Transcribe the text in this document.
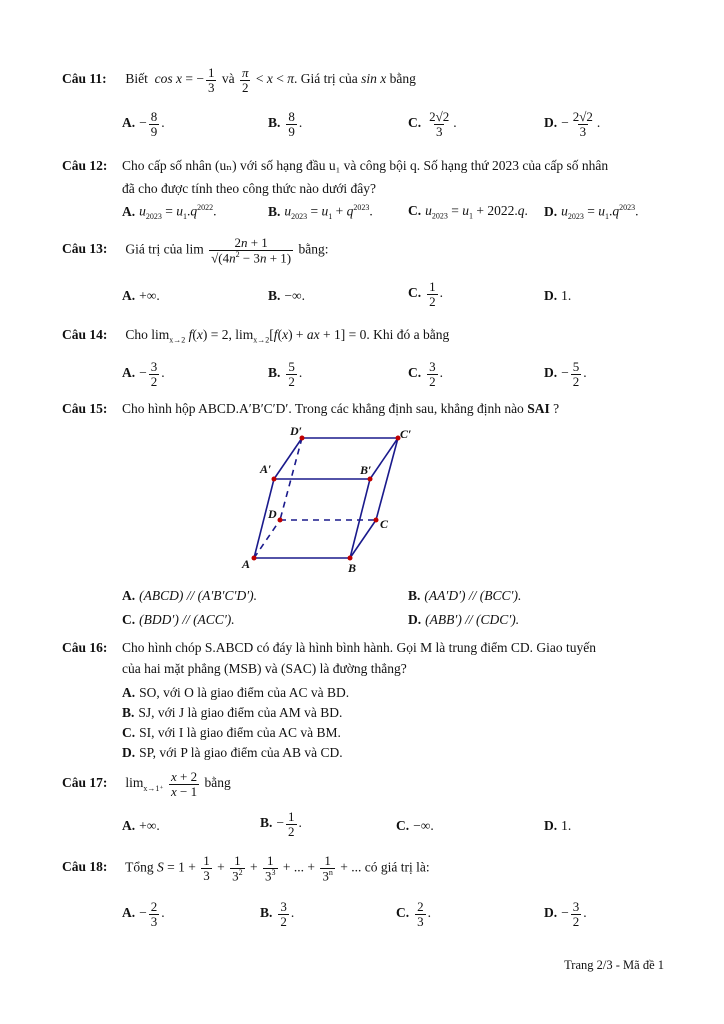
Câu 11: Biết  cos x = − $\frac{1}{3}$ và $\frac{\pi}{2} < x < \pi$. Giá trị của sin x bằng
A. − $\frac{8}{9}$ .	B. $\frac{8}{9}$ .	C. $\frac{2√2}{3}$ .	D. − $\frac{2√2}{3}$ .
Câu 12: Cho cấp số nhân (uₙ) với số hạng đầu u₁ và công bội q. Số hạng thứ 2023 của cấp số nhân
đã cho được tính theo công thức nào dưới đây?
A. $u_{2023} = u_1.q^{2022}$.	B. $u_{2023} = u_1 + q^{2023}$.	C. $u_{2023} = u_1 + 2022.q$. D. $u_{2023} = u_1.q^{2023}$.
Câu 13: Giá trị của $\lim \frac{2n + 1}{√(4n^2 - 3n + 1)}$ bằng:
A. +∞.	B. −∞.	C. $\frac{1}{2}$ .	D. 1.
Câu 14: Cho $\lim_{x\to 2} f(x) = 2$, $\lim_{x\to 2}[f(x)$ + ax + 1] = 0. Khi đó a bằng
A. − $\frac{3}{2}$ .	B. $\frac{5}{2}$ .	C. $\frac{3}{2}$ .	D. − $\frac{5}{2}$ .
Câu 15: Cho hình hộp ABCD.A′B′C′D′. Trong các khẳng định sau, khẳng định nào SAI ?
D′	C′
A′	B′
D
C
A	B
A. (ABCD) // (A′B′C′D′).	B. (AA′D′) // (BCC′).
C. (BDD′) // (ACC′).	D. (ABB′) // (CDC′).
Câu 16: Cho hình chóp S.ABCD có đáy là hình bình hành. Gọi M là trung điểm CD. Giao tuyến
của hai mặt phẳng (MSB) và (SAC) là đường thẳng?
A. SO, với O là giao điểm của AC và BD.
B. SJ, với J là giao điểm của AM và BD.
C. SI, với I là giao điểm của AC và BM.
D. SP, với P là giao điểm của AB và CD.
Câu 17: $\lim_{x\to 1^+} \frac{x + 2}{x - 1}$ bằng
A. +∞.	B. − $\frac{1}{2}$ .	C. −∞.	D. 1.
Câu 18: Tổng $S = 1 + \frac{1}{3} + \frac{1}{3^2} + \frac{1}{3^3}$ + ... + $\frac{1}{3^n}$ + ... có giá trị là:
A. − $\frac{2}{3}$ .	B. $\frac{3}{2}$ .	C. $\frac{2}{3}$ .	D. − $\frac{3}{2}$ .
Trang 2/3 - Mã đề 1
